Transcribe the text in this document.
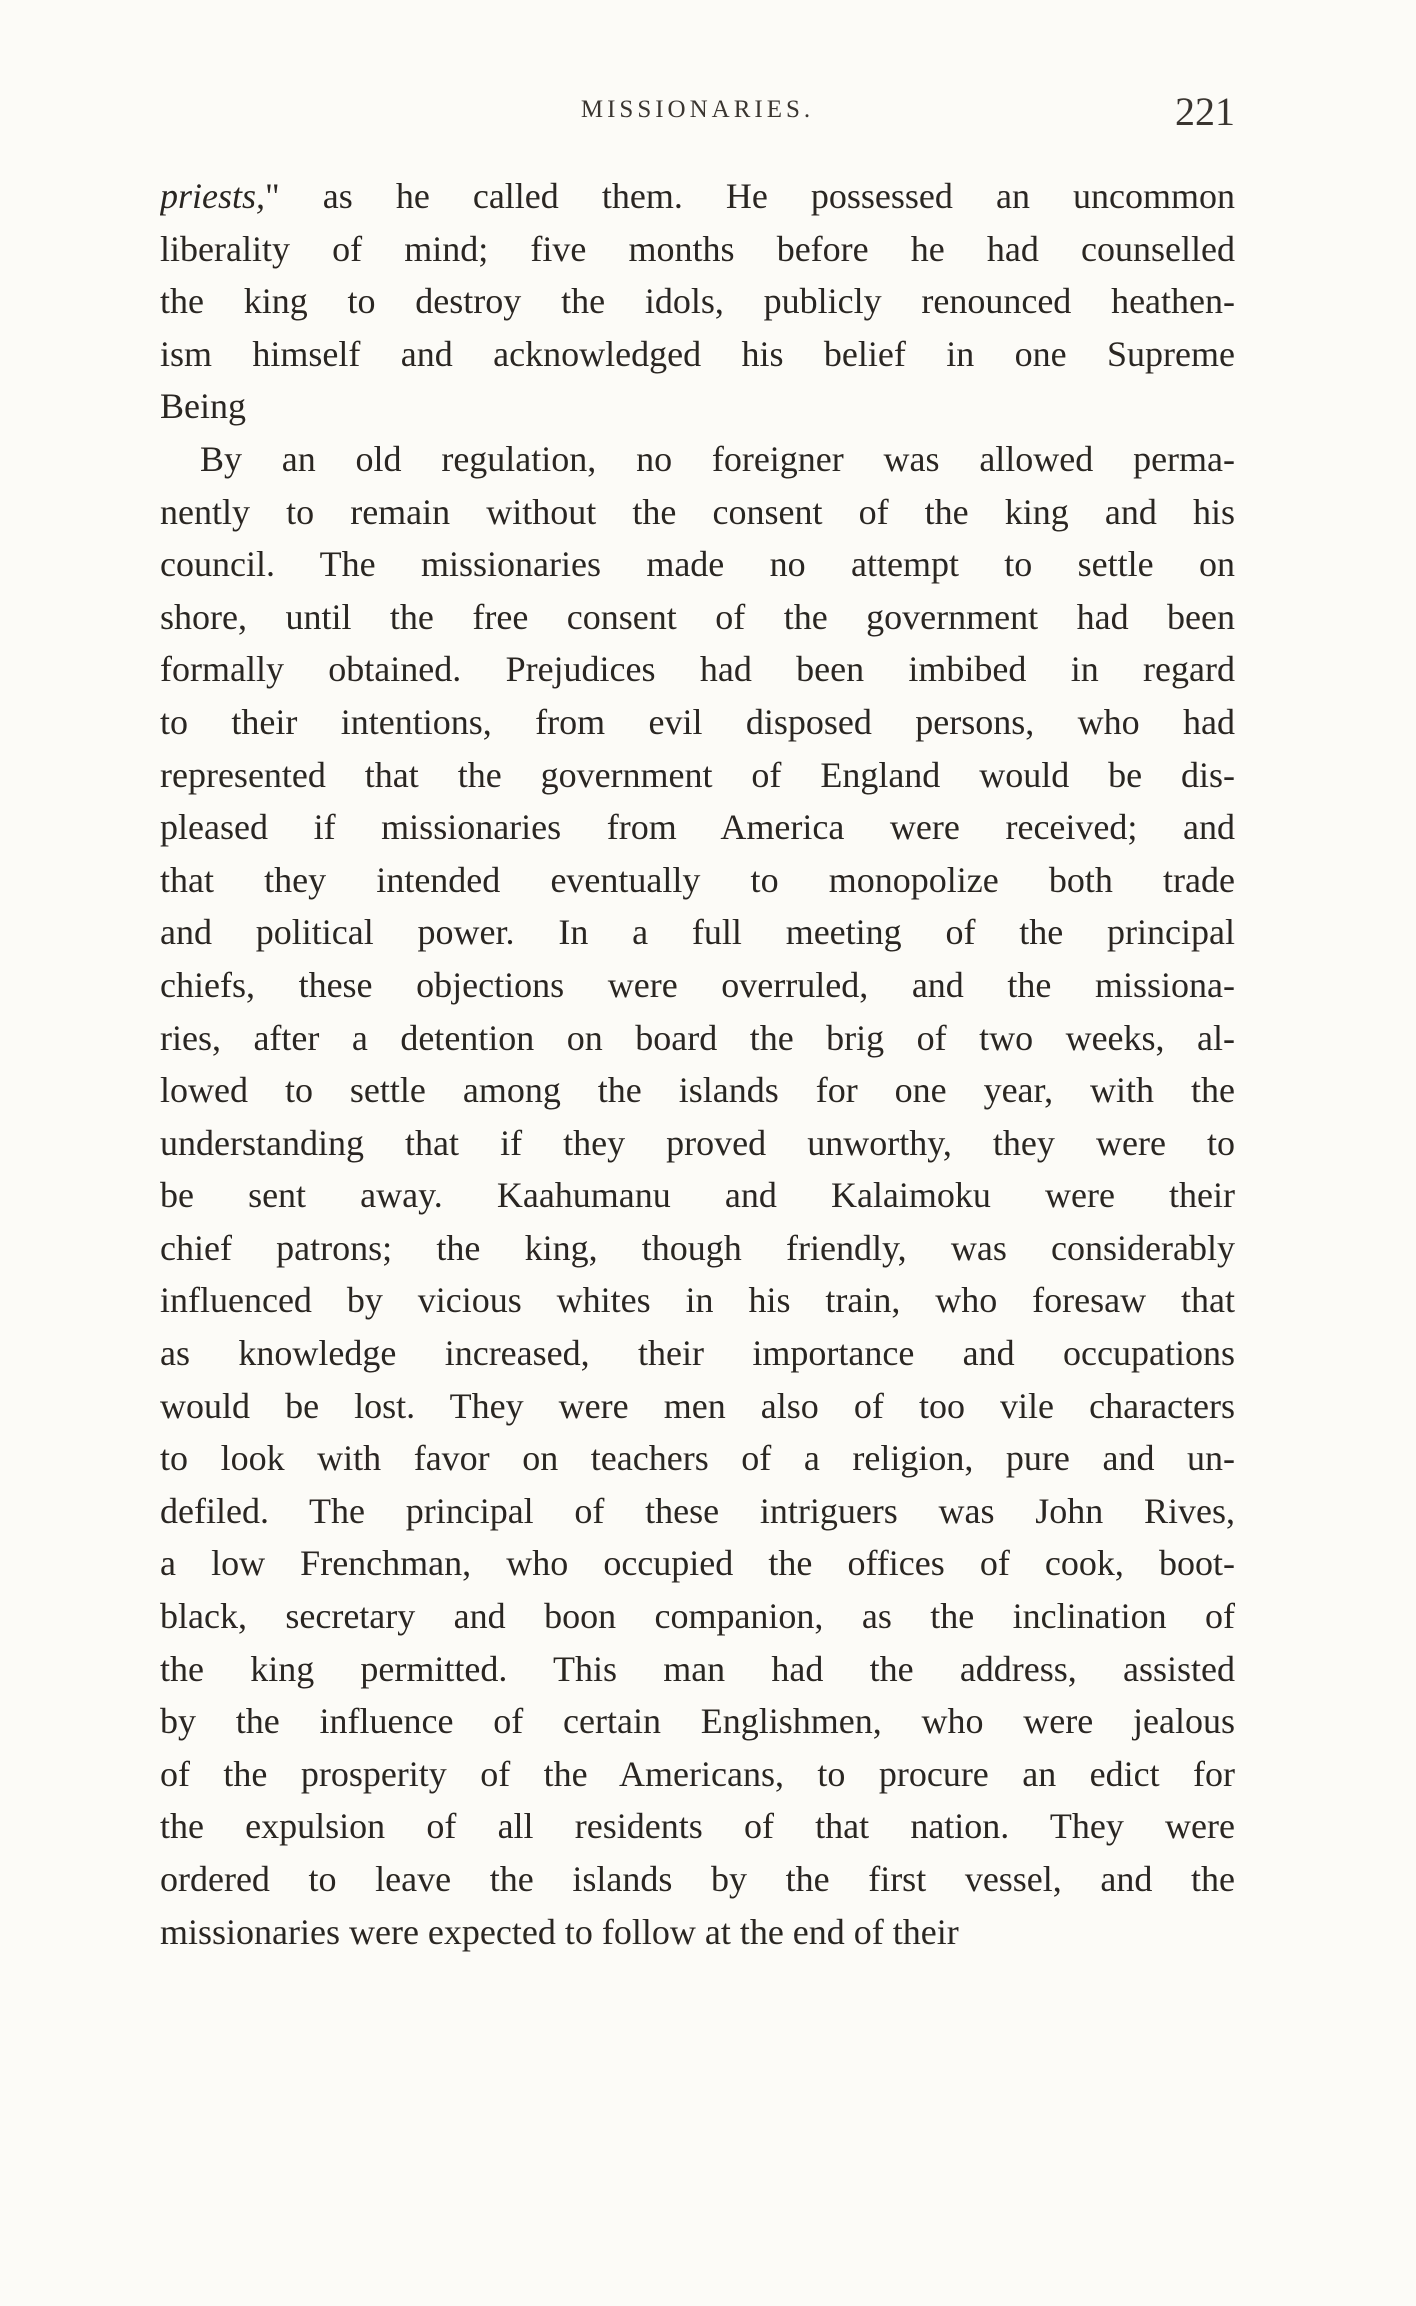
MISSIONARIES.	221
priests," as he called them. He possessed an uncommon
liberality of mind; five months before he had counselled
the king to destroy the idols, publicly renounced heathen-
ism himself and acknowledged his belief in one Supreme
Being
By an old regulation, no foreigner was allowed perma-
nently to remain without the consent of the king and his
council. The missionaries made no attempt to settle on
shore, until the free consent of the government had been
formally obtained. Prejudices had been imbibed in regard
to their intentions, from evil disposed persons, who had
represented that the government of England would be dis-
pleased if missionaries from America were received; and
that they intended eventually to monopolize both trade
and political power. In a full meeting of the principal
chiefs, these objections were overruled, and the missiona-
ries, after a detention on board the brig of two weeks, al-
lowed to settle among the islands for one year, with the
understanding that if they proved unworthy, they were to
be sent away. Kaahumanu and Kalaimoku were their
chief patrons; the king, though friendly, was considerably
influenced by vicious whites in his train, who foresaw that
as knowledge increased, their importance and occupations
would be lost. They were men also of too vile characters
to look with favor on teachers of a religion, pure and un-
defiled. The principal of these intriguers was John Rives,
a low Frenchman, who occupied the offices of cook, boot-
black, secretary and boon companion, as the inclination of
the king permitted. This man had the address, assisted
by the influence of certain Englishmen, who were jealous
of the prosperity of the Americans, to procure an edict for
the expulsion of all residents of that nation. They were
ordered to leave the islands by the first vessel, and the
missionaries were expected to follow at the end of their
